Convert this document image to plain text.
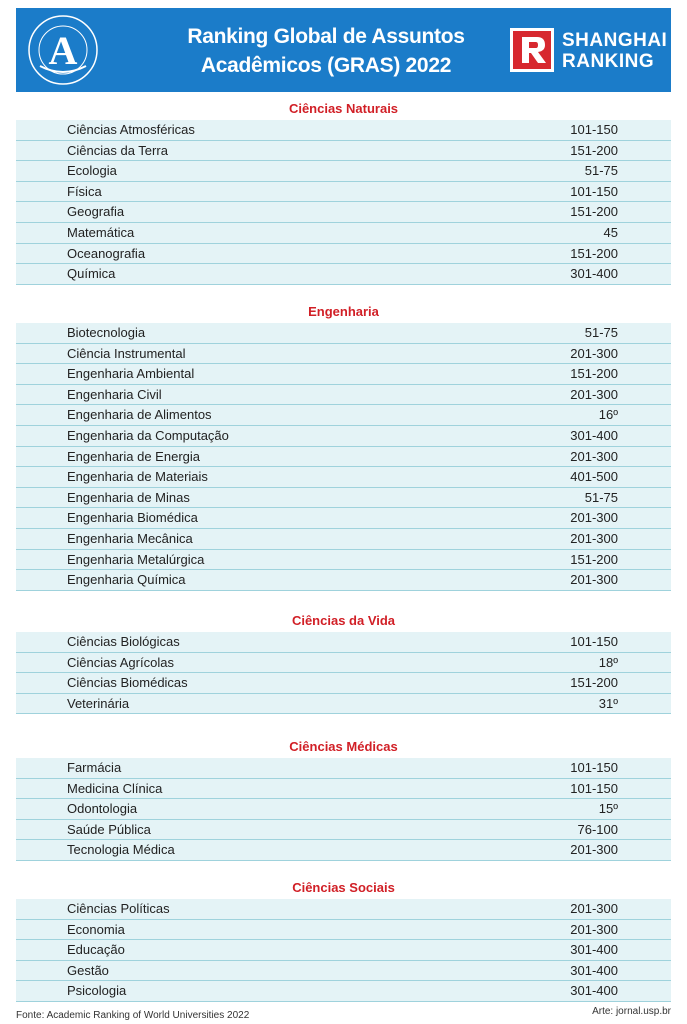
A	Ranking Global de Assuntos
Acadêmicos (GRAS) 2022
SHANGHAI
RANKING
Ciências Naturais
Ciências Atmosféricas	101-150
Ciências da Terra	151-200
Ecologia	51-75
Física	101-150
Geografia	151-200
Matemática	45
Oceanografia	151-200
Química	301-400
Engenharia
Biotecnologia	51-75
Ciência Instrumental	201-300
Engenharia Ambiental	151-200
Engenharia Civil	201-300
Engenharia de Alimentos	16º
Engenharia da Computação	301-400
Engenharia de Energia	201-300
Engenharia de Materiais	401-500
Engenharia de Minas	51-75
Engenharia Biomédica	201-300
Engenharia Mecânica	201-300
Engenharia Metalúrgica	151-200
Engenharia Química	201-300
Ciências da Vida
Ciências Biológicas	101-150
Ciências Agrícolas	18º
Ciências Biomédicas	151-200
Veterinária	31º
Ciências Médicas
Farmácia	101-150
Medicina Clínica	101-150
Odontologia	15º
Saúde Pública	76-100
Tecnologia Médica	201-300
Ciências Sociais
Ciências Políticas	201-300
Economia	201-300
Educação	301-400
Gestão	301-400
Psicologia	301-400
Fonte: Academic Ranking of World Universities 2022	Arte: jornal.usp.br
